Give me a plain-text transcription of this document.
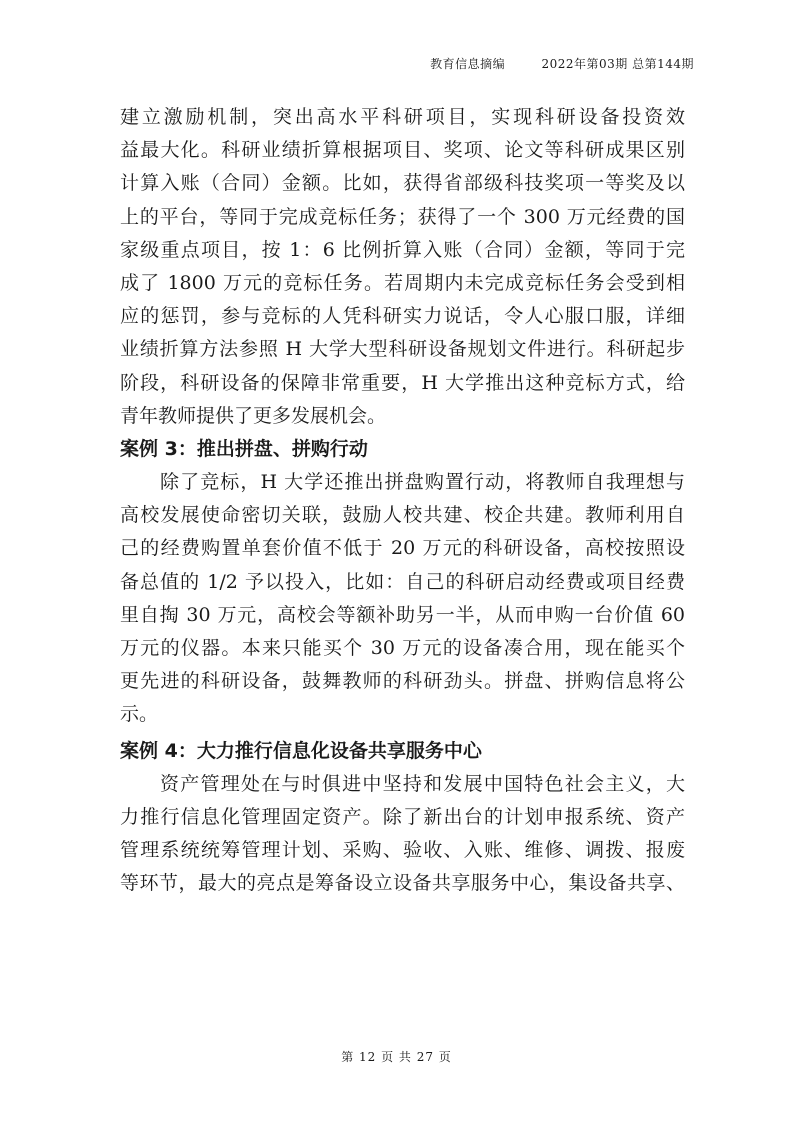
教育信息摘编	2022年第03期 总第144期
建立激励机制，突出高水平科研项目，实现科研设备投资效
益最大化。科研业绩折算根据项目、奖项、论文等科研成果区别
计算入账（合同）金额。比如，获得省部级科技奖项一等奖及以
上的平台，等同于完成竞标任务；获得了一个 300 万元经费的国
家级重点项目，按 1：6 比例折算入账（合同）金额，等同于完
成了 1800 万元的竞标任务。若周期内未完成竞标任务会受到相
应的惩罚，参与竞标的人凭科研实力说话，令人心服口服，详细
业绩折算方法参照 H 大学大型科研设备规划文件进行。科研起步
阶段，科研设备的保障非常重要，H 大学推出这种竞标方式，给
青年教师提供了更多发展机会。
案例 3：推出拼盘、拼购行动
除了竞标，H 大学还推出拼盘购置行动，将教师自我理想与
高校发展使命密切关联，鼓励人校共建、校企共建。教师利用自
己的经费购置单套价值不低于 20 万元的科研设备，高校按照设
备总值的 1/2 予以投入，比如：自己的科研启动经费或项目经费
里自掏 30 万元，高校会等额补助另一半，从而申购一台价值 60
万元的仪器。本来只能买个 30 万元的设备凑合用，现在能买个
更先进的科研设备，鼓舞教师的科研劲头。拼盘、拼购信息将公
示。
案例 4：大力推行信息化设备共享服务中心
资产管理处在与时俱进中坚持和发展中国特色社会主义，大
力推行信息化管理固定资产。除了新出台的计划申报系统、资产
管理系统统筹管理计划、采购、验收、入账、维修、调拨、报废
等环节，最大的亮点是筹备设立设备共享服务中心，集设备共享、
第 12 页 共 27 页
